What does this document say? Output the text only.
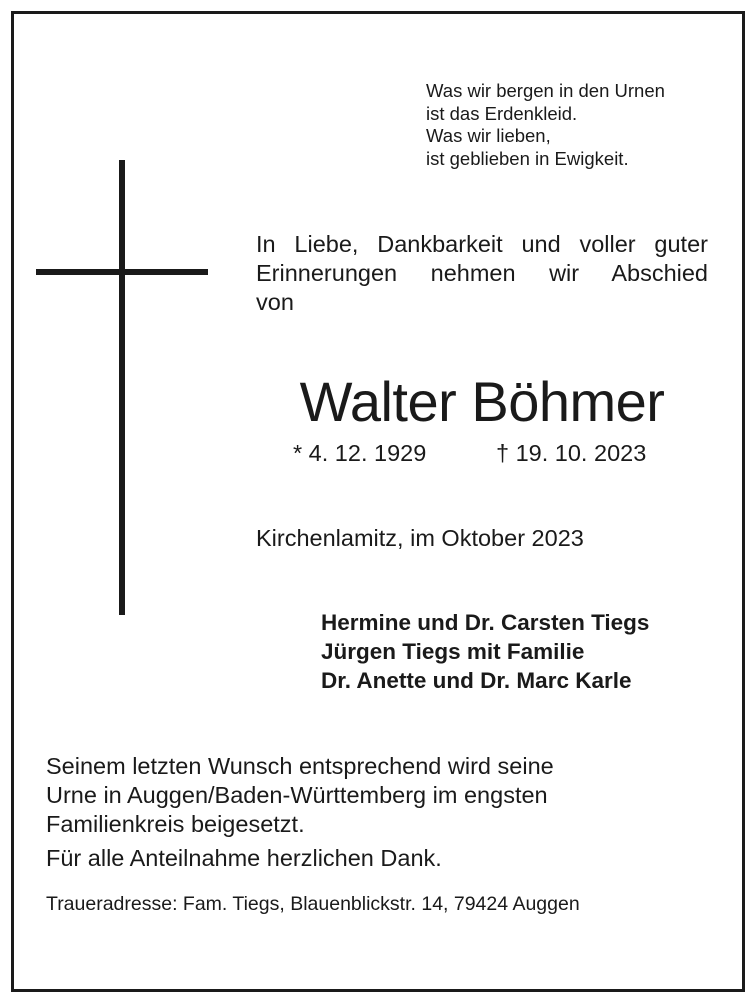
Was wir bergen in den Urnen
ist das Erdenkleid.
Was wir lieben,
ist geblieben in Ewigkeit.
In Liebe, Dankbarkeit und voller guter
Erinnerungen nehmen wir Abschied
von
Walter Böhmer
* 4. 12. 1929	† 19. 10. 2023
Kirchenlamitz, im Oktober 2023
Hermine und Dr. Carsten Tiegs
Jürgen Tiegs mit Familie
Dr. Anette und Dr. Marc Karle
Seinem letzten Wunsch entsprechend wird seine
Urne in Auggen/Baden-Württemberg im engsten
Familienkreis beigesetzt.
Für alle Anteilnahme herzlichen Dank.
Traueradresse: Fam. Tiegs, Blauenblickstr. 14, 79424 Auggen
